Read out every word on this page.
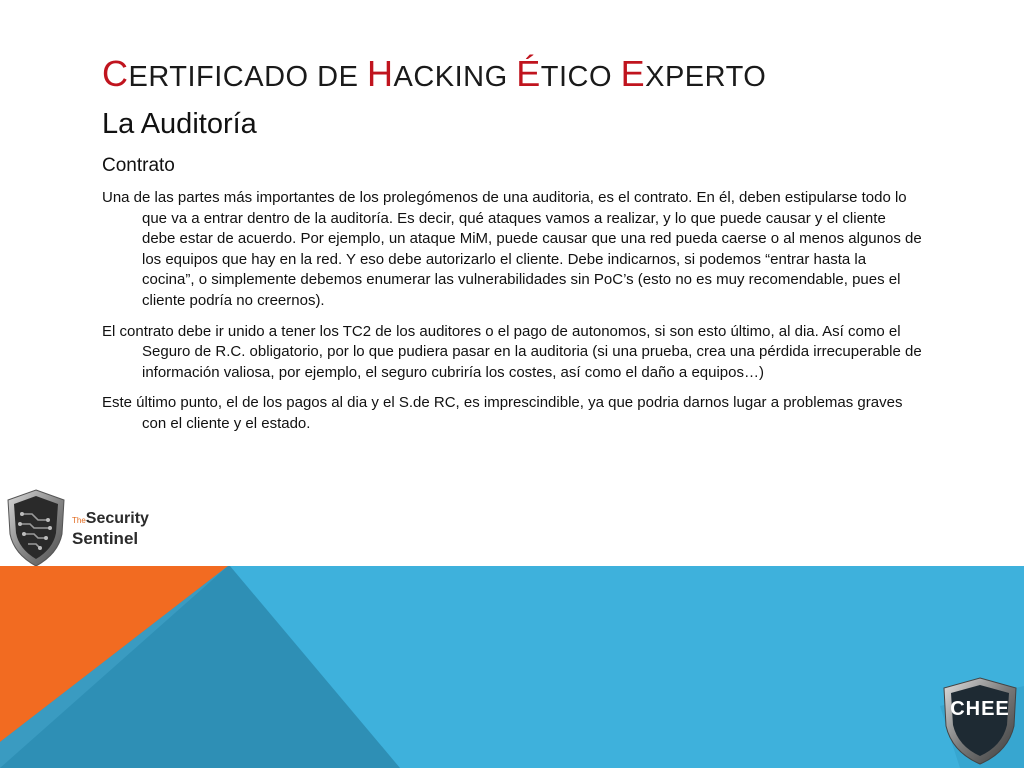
CERTIFICADO DE HACKING ÉTICO EXPERTO
La Auditoría
Contrato

Una de las partes más importantes de los prolegómenos de una auditoria, es el contrato. En él, deben estipularse todo lo que va a entrar dentro de la auditoría. Es decir, qué ataques vamos a realizar, y lo que puede causar y el cliente debe estar de acuerdo. Por ejemplo, un ataque MiM, puede causar que una red pueda caerse o al menos algunos de los equipos que hay en la red. Y eso debe autorizarlo el cliente. Debe indicarnos, si podemos “entrar hasta la cocina”, o simplemente debemos enumerar las vulnerabilidades sin PoC’s (esto no es muy recomendable, pues el cliente podría no creernos).

El contrato debe ir unido a tener los TC2 de los auditores o el pago de autonomos, si son esto último, al dia. Así como el Seguro de R.C. obligatorio, por lo que pudiera pasar en la auditoria (si una prueba, crea una pérdida irrecuperable de información valiosa, por ejemplo, el seguro cubriría los costes, así como el daño a equipos…)

Este último punto, el de los pagos al dia y el S.de RC, es imprescindible, ya que podria darnos lugar a problemas graves con el cliente y el estado.

TheSecurity
Sentinel
CHEE
